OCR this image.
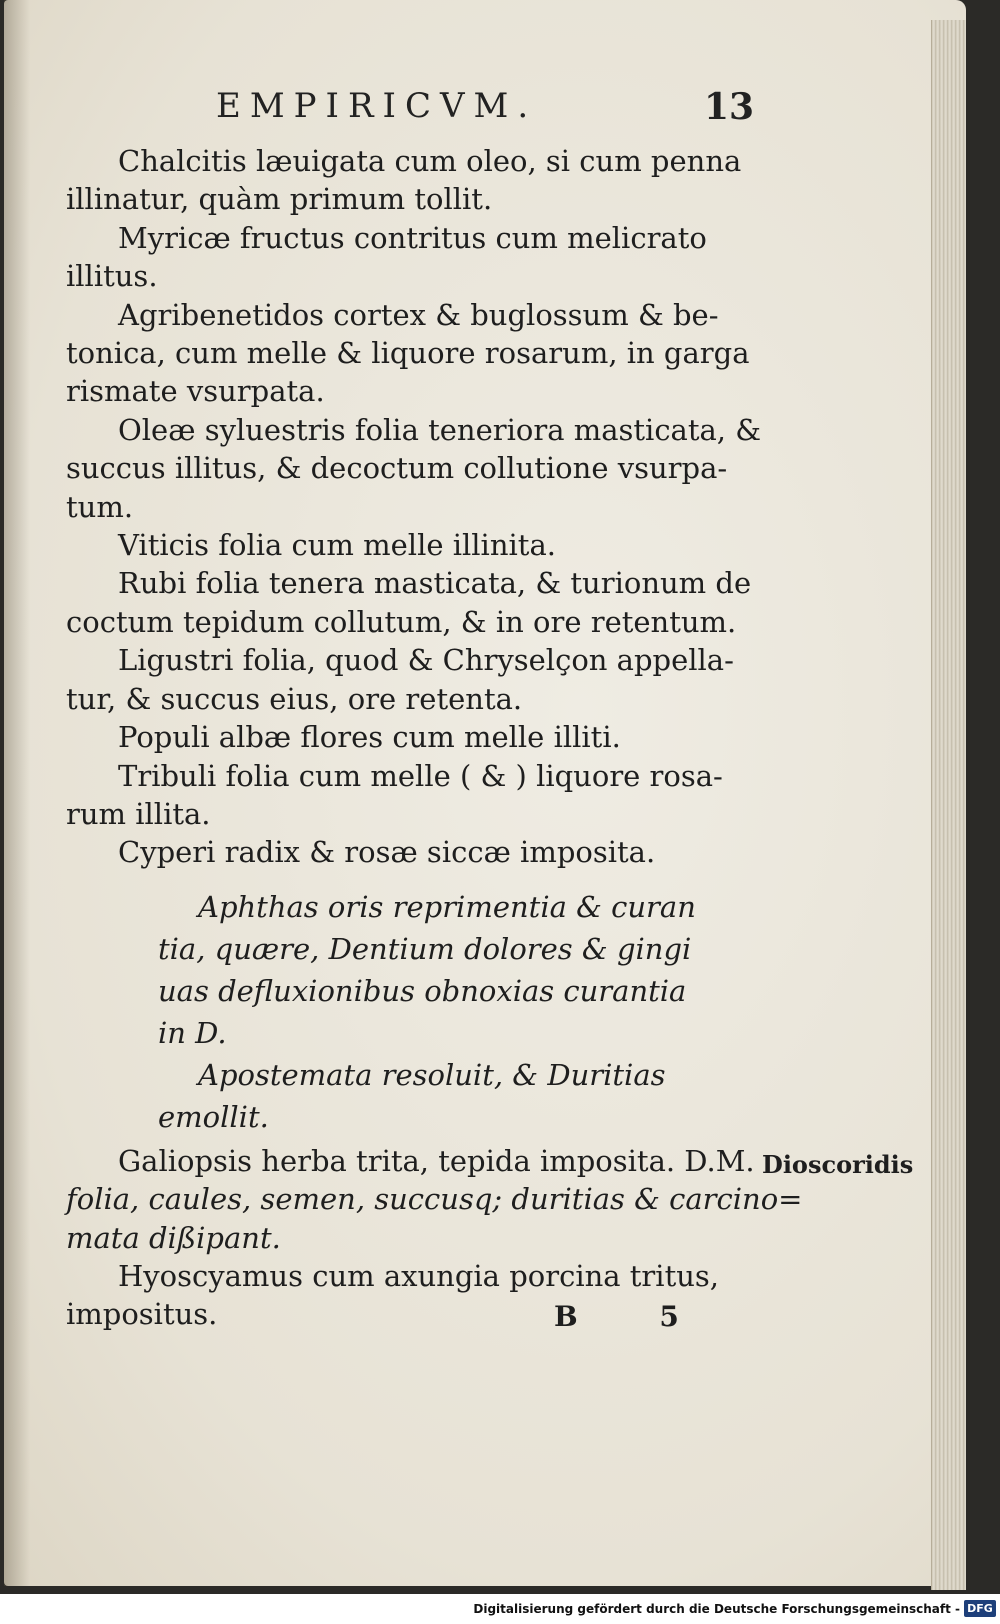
EMPIRICVM.	13

Chalcitis læuigata cum oleo, si cum penna
illinatur, quàm primum tollit.

Myricæ fructus contritus cum melicrato
illitus.

Agribenetidos cortex & buglossum & be-
tonica, cum melle & liquore rosarum, in garga
rismate vsurpata.

Oleæ syluestris folia teneriora masticata, &
succus illitus, & decoctum collutione vsurpa-
tum.

Viticis folia cum melle illinita.

Rubi folia tenera masticata, & turionum de
coctum tepidum collutum, & in ore retentum.

Ligustri folia, quod & Chryselçon appella-
tur, & succus eius, ore retenta.

Populi albæ flores cum melle illiti.

Tribuli folia cum melle ( & ) liquore rosa-
rum illita.

Cyperi radix & rosæ siccæ imposita.

Aphthas oris reprimentia & curan
tia, quære, Dentium dolores & gingi
uas defluxionibus obnoxias curantia
in D.
Apostemata resoluit, & Duritias
emollit.

Galiopsis herba trita, tepida imposita. D.M.
folia, caules, semen, succusq; duritias & carcino=
mata dißipant.

Hyoscyamus cum axungia porcina tritus,
impositus.

Dioscoridis
B 5
Digitalisierung gefördert durch die Deutsche Forschungsgemeinschaft - DFG
